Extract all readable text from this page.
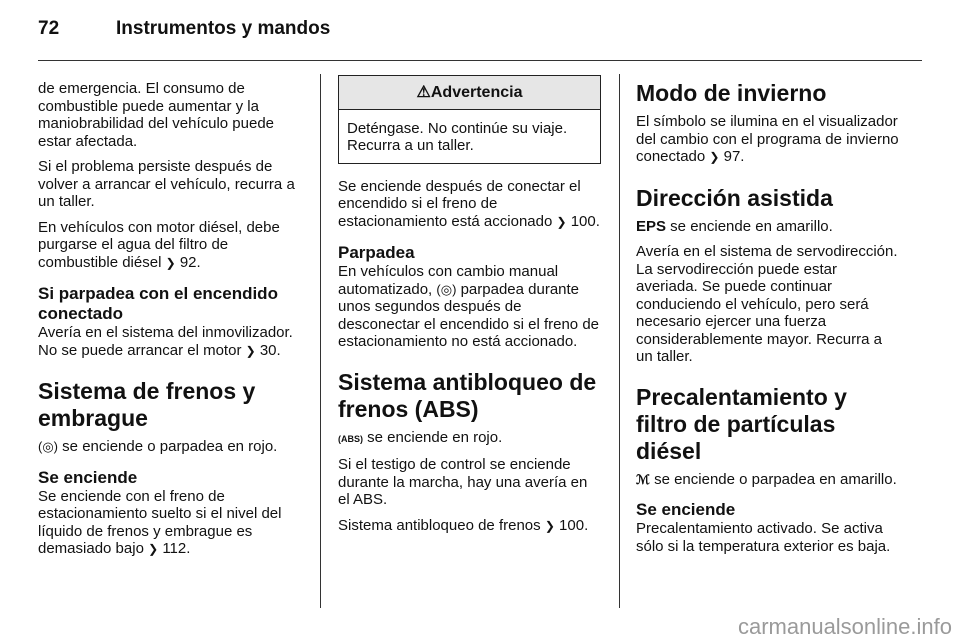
72	Instrumentos y mandos

de emergencia. El consumo de combustible puede aumentar y la maniobrabilidad del vehículo puede estar afectada.

Si el problema persiste después de volver a arrancar el vehículo, recurra a un taller.

En vehículos con motor diésel, debe purgarse el agua del filtro de combustible diésel ❯ 92.

Si parpadea con el encendido conectado

Avería en el sistema del inmovilizador. No se puede arrancar el motor ❯ 30.

Sistema de frenos y embrague

(◎) se enciende o parpadea en rojo.

Se enciende

Se enciende con el freno de estacionamiento suelto si el nivel del líquido de frenos y embrague es demasiado bajo ❯ 112.

⚠Advertencia
Deténgase. No continúe su viaje. Recurra a un taller.

Se enciende después de conectar el encendido si el freno de estacionamiento está accionado ❯ 100.

Parpadea

En vehículos con cambio manual automatizado, (◎) parpadea durante unos segundos después de desconectar el encendido si el freno de estacionamiento no está accionado.

Sistema antibloqueo de frenos (ABS)

(ABS) se enciende en rojo.

Si el testigo de control se enciende durante la marcha, hay una avería en el ABS.

Sistema antibloqueo de frenos ❯ 100.

Modo de invierno

El símbolo se ilumina en el visualizador del cambio con el programa de invierno conectado ❯ 97.

Dirección asistida

EPS se enciende en amarillo.

Avería en el sistema de servodirección. La servodirección puede estar averiada. Se puede continuar conduciendo el vehículo, pero será necesario ejercer una fuerza considerablemente mayor. Recurra a un taller.

Precalentamiento y filtro de partículas diésel

ℳ se enciende o parpadea en amarillo.

Se enciende

Precalentamiento activado. Se activa sólo si la temperatura exterior es baja.

carmanualsonline.info
